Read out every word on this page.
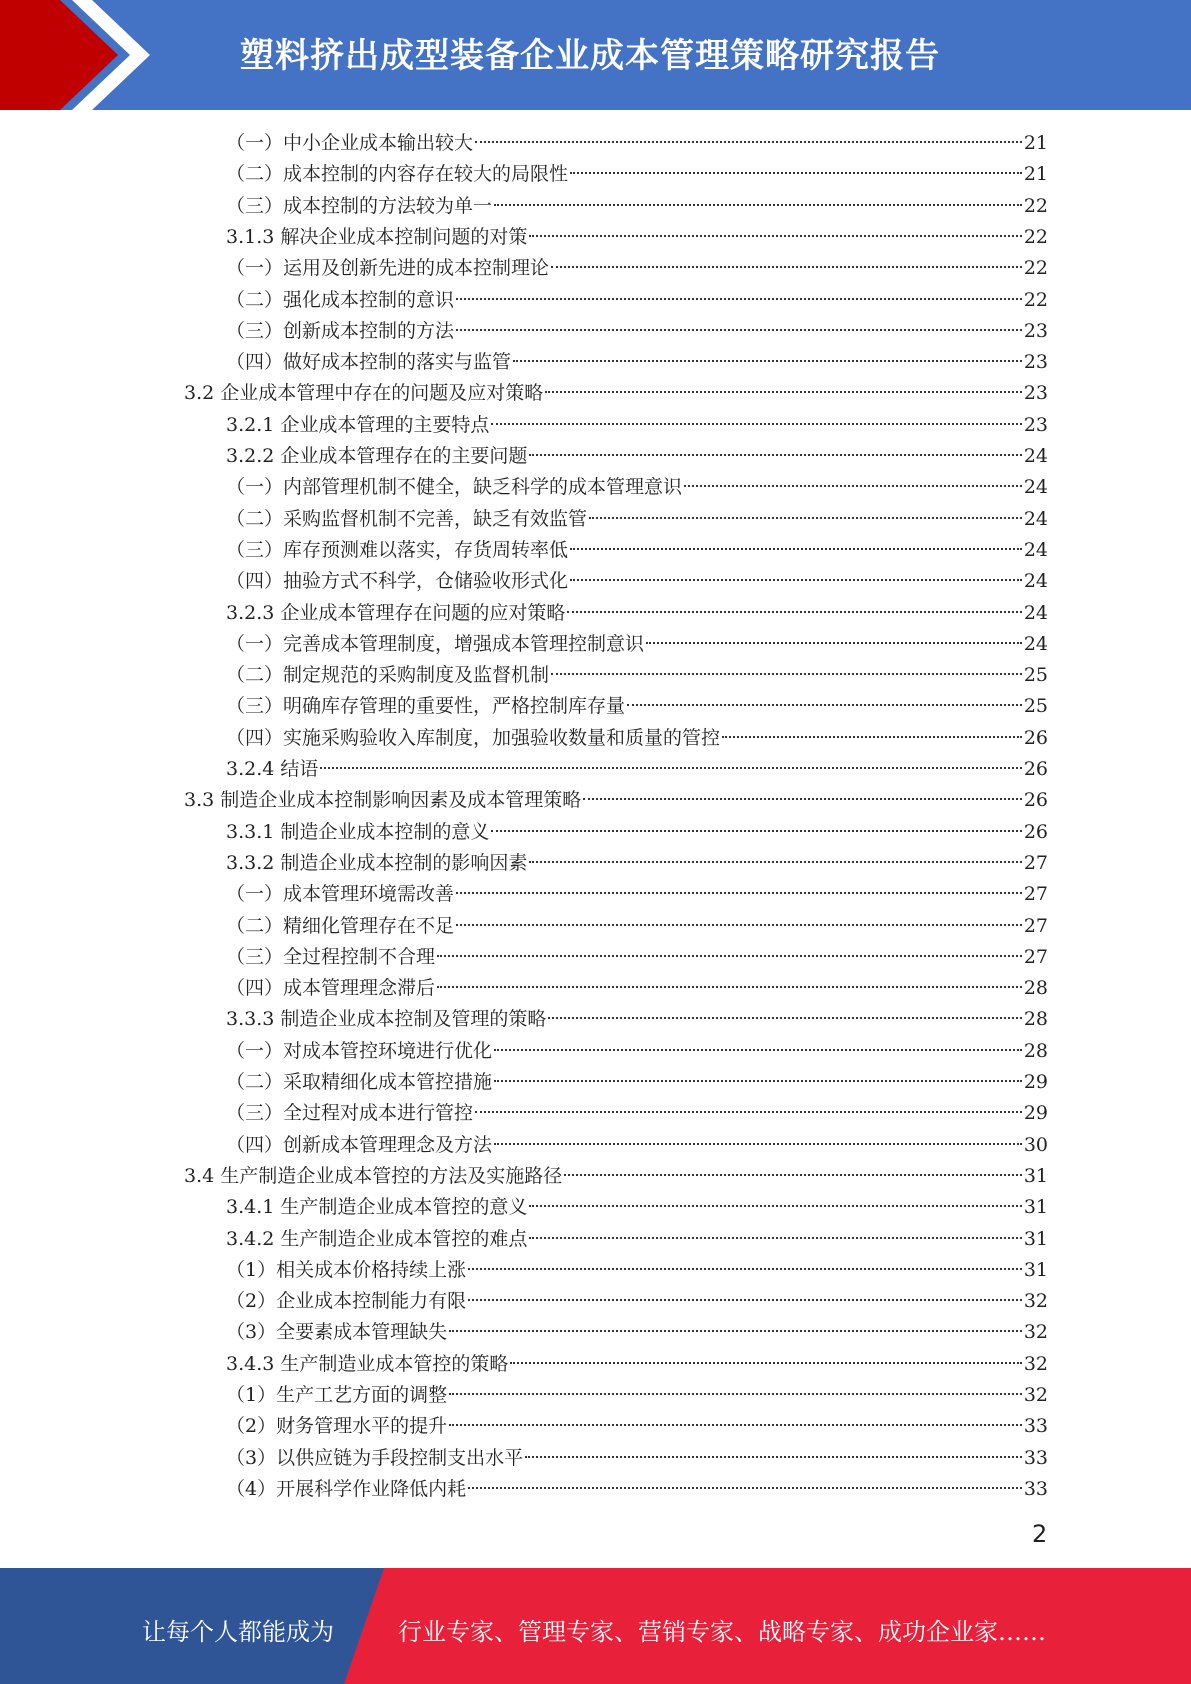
塑料挤出成型装备企业成本管理策略研究报告
（一）中小企业成本输出较大	21
（二）成本控制的内容存在较大的局限性	21
（三）成本控制的方法较为单一	22
3.1.3 解决企业成本控制问题的对策	22
（一）运用及创新先进的成本控制理论	22
（二）强化成本控制的意识	22
（三）创新成本控制的方法	23
（四）做好成本控制的落实与监管	23
3.2 企业成本管理中存在的问题及应对策略	23
3.2.1 企业成本管理的主要特点	23
3.2.2 企业成本管理存在的主要问题	24
（一）内部管理机制不健全，缺乏科学的成本管理意识	24
（二）采购监督机制不完善，缺乏有效监管	24
（三）库存预测难以落实，存货周转率低	24
（四）抽验方式不科学，仓储验收形式化	24
3.2.3 企业成本管理存在问题的应对策略	24
（一）完善成本管理制度，增强成本管理控制意识	24
（二）制定规范的采购制度及监督机制	25
（三）明确库存管理的重要性，严格控制库存量	25
（四）实施采购验收入库制度，加强验收数量和质量的管控	26
3.2.4 结语	26
3.3 制造企业成本控制影响因素及成本管理策略	26
3.3.1 制造企业成本控制的意义	26
3.3.2 制造企业成本控制的影响因素	27
（一）成本管理环境需改善	27
（二）精细化管理存在不足	27
（三）全过程控制不合理	27
（四）成本管理理念滞后	28
3.3.3 制造企业成本控制及管理的策略	28
（一）对成本管控环境进行优化	28
（二）采取精细化成本管控措施	29
（三）全过程对成本进行管控	29
（四）创新成本管理理念及方法	30
3.4 生产制造企业成本管控的方法及实施路径	31
3.4.1 生产制造企业成本管控的意义	31
3.4.2 生产制造企业成本管控的难点	31
（1）相关成本价格持续上涨	31
（2）企业成本控制能力有限	32
（3）全要素成本管理缺失	32
3.4.3 生产制造业成本管控的策略	32
（1）生产工艺方面的调整	32
（2）财务管理水平的提升	33
（3）以供应链为手段控制支出水平	33
（4）开展科学作业降低内耗	33
2
让每个人都能成为	行业专家、管理专家、营销专家、战略专家、成功企业家……
